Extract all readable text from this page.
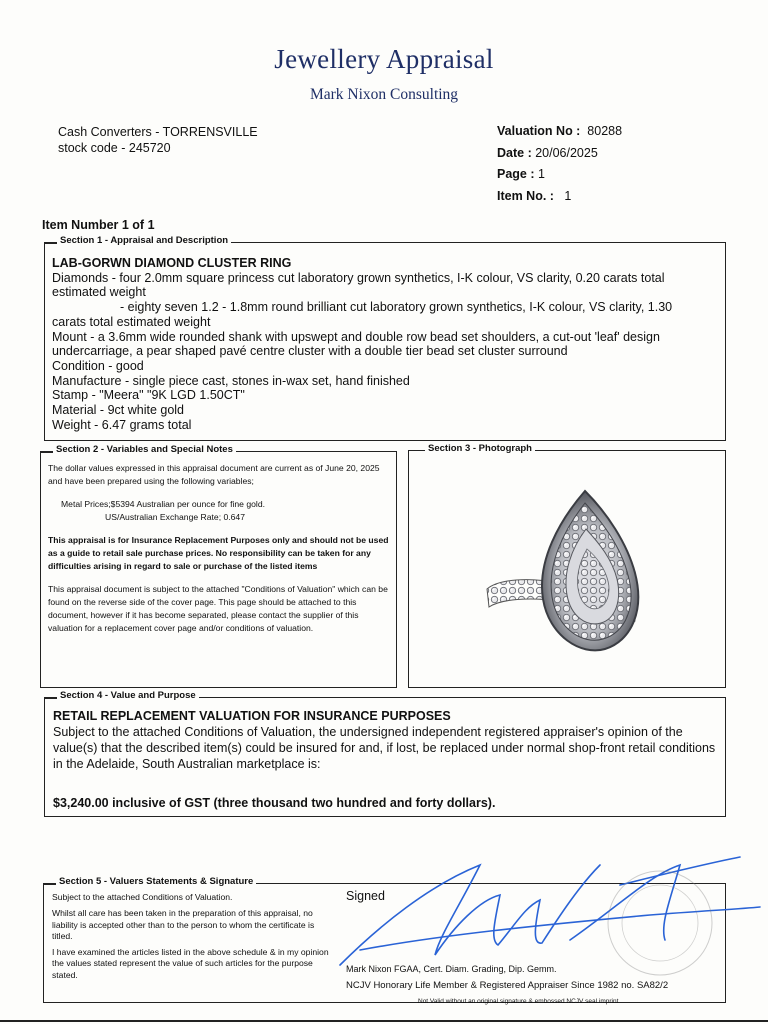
Jewellery Appraisal
Mark Nixon Consulting
Cash Converters - TORRENSVILLE
stock code - 245720
Valuation No : 80288
Date : 20/06/2025
Page : 1
Item No. : 1
Item Number 1 of 1
Section 1 - Appraisal and Description
LAB-GORWN DIAMOND CLUSTER RING
Diamonds - four 2.0mm square princess cut laboratory grown synthetics, I-K colour, VS clarity, 0.20 carats total estimated weight
- eighty seven 1.2 - 1.8mm round brilliant cut laboratory grown synthetics, I-K colour, VS clarity, 1.30
carats total estimated weight
Mount - a 3.6mm wide rounded shank with upswept and double row bead set shoulders, a cut-out 'leaf' design undercarriage, a pear shaped pavé centre cluster with a double tier bead set cluster surround
Condition - good
Manufacture - single piece cast, stones in-wax set, hand finished
Stamp - "Meera" "9K LGD 1.50CT"
Material - 9ct white gold
Weight - 6.47 grams total
Section 2 - Variables and Special Notes
The dollar values expressed in this appraisal document are current as of June 20, 2025 and have been prepared using the following variables;
Metal Prices;$5394 Australian per ounce for fine gold.
US/Australian Exchange Rate; 0.647
This appraisal is for Insurance Replacement Purposes only and should not be used as a guide to retail sale purchase prices. No responsibility can be taken for any difficulties arising in regard to sale or purchase of the listed items
This appraisal document is subject to the attached "Conditions of Valuation" which can be found on the reverse side of the cover page. This page should be attached to this document, however if it has become separated, please contact the supplier of this valuation for a replacement cover page and/or conditions of valuation.
Section 3 - Photograph
Section 4 - Value and Purpose
RETAIL REPLACEMENT VALUATION FOR INSURANCE PURPOSES
Subject to the attached Conditions of Valuation, the undersigned independent registered appraiser's opinion of the value(s) that the described item(s) could be insured for and, if lost, be replaced under normal shop-front retail conditions in the Adelaide, South Australian marketplace is:
$3,240.00 inclusive of GST (three thousand two hundred and forty dollars).
Section 5 - Valuers Statements & Signature

Subject to the attached Conditions of Valuation.

Whilst all care has been taken in the preparation of this appraisal, no liability is accepted other than to the person to whom the certificate is titled.

I have examined the articles listed in the above schedule & in my opinion the values stated represent the value of such articles for the purpose stated.

Signed
Mark Nixon FGAA, Cert. Diam. Grading, Dip. Gemm.
NCJV Honorary Life Member & Registered Appraiser Since 1982 no. SA82/2
Not Valid without an original signature & embossed NCJV seal imprint
